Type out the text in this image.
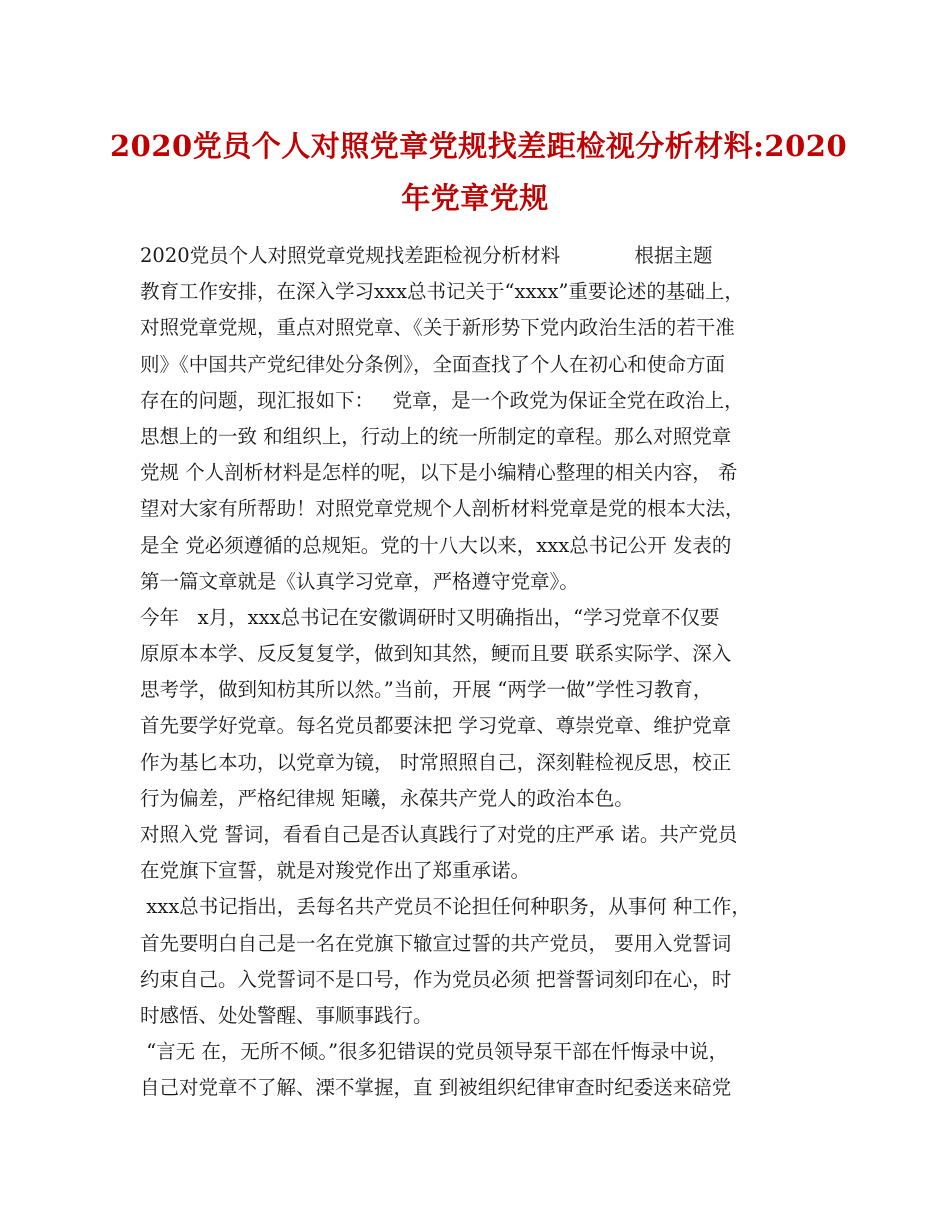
2020党员个人对照党章党规找差距检视分析材料:2020
年党章党规
2020党员个人对照党章党规找差距检视分析材料            根据主题
教育工作安排，在深入学习xxx总书记关于“xxxx”重要论述的基础上，
对照党章党规，重点对照党章、《关于新形势下党内政治生活的若干准
则》《中国共产党纪律处分条例》，全面查找了个人在初心和使命方面
存在的问题，现汇报如下：   党章，是一个政党为保证全党在政治上，
思想上的一致 和组织上，行动上的统一所制定的章程。那么对照党章
党规 个人剖析材料是怎样的呢，以下是小编精心整理的相关内容， 希
望对大家有所帮助！对照党章党规个人剖析材料党章是党的根本大法，
是全 党必须遵循的总规矩。党的十八大以来，xxx总书记公开 发表的
第一篇文章就是《认真学习党章，严格遵守党章》。
今年   x月，xxx总书记在安徽调研时又明确指出，“学习党章不仅要
原原本本学、反反复复学，做到知其然，鲠而且要 联系实际学、深入
思考学，做到知枋其所以然。”当前，开展 “两学一做”学性习教育，
首先要学好党章。每名党员都要沫把 学习党章、尊崇党章、维护党章
作为基匕本功，以党章为镜， 时常照照自己，深刻鞋检视反思，校正
行为偏差，严格纪律规 矩曦，永葆共产党人的政治本色。
对照入党 誓词，看看自己是否认真践行了对党的庄严承 诺。共产党员
在党旗下宣誓，就是对羧党作出了郑重承诺。
xxx总书记指出，丢每名共产党员不论担任何种职务，从事何 种工作，
首先要明白自己是一名在党旗下辙宣过誓的共产党员， 要用入党誓词
约束自己。入党誓词不是口号，作为党员必须 把誉誓词刻印在心，时
时感悟、处处警醒、事顺事践行。
“言无 在，无所不倾。”很多犯错误的党员领导泵干部在忏悔录中说，
自己对党章不了解、溧不掌握，直 到被组织纪律审查时纪委送来碚党
